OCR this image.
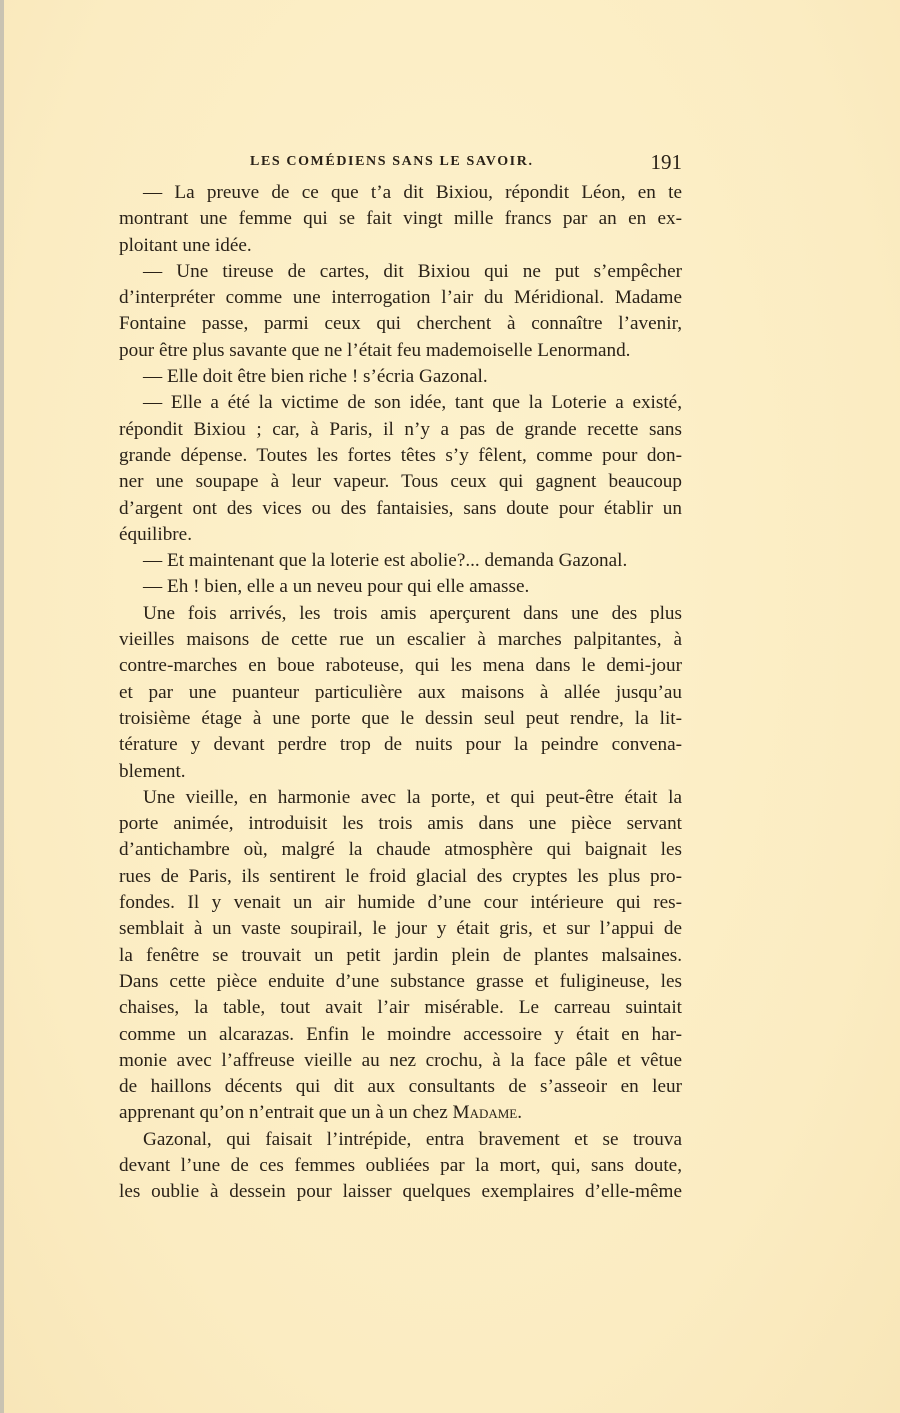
LES COMÉDIENS SANS LE SAVOIR.	191
— La preuve de ce que t’a dit Bixiou, répondit Léon, en te
montrant une femme qui se fait vingt mille francs par an en ex-
ploitant une idée.
— Une tireuse de cartes, dit Bixiou qui ne put s’empêcher
d’interpréter comme une interrogation l’air du Méridional. Madame
Fontaine passe, parmi ceux qui cherchent à connaître l’avenir,
pour être plus savante que ne l’était feu mademoiselle Lenormand.
— Elle doit être bien riche ! s’écria Gazonal.
— Elle a été la victime de son idée, tant que la Loterie a existé,
répondit Bixiou ; car, à Paris, il n’y a pas de grande recette sans
grande dépense. Toutes les fortes têtes s’y fêlent, comme pour don-
ner une soupape à leur vapeur. Tous ceux qui gagnent beaucoup
d’argent ont des vices ou des fantaisies, sans doute pour établir un
équilibre.
— Et maintenant que la loterie est abolie?... demanda Gazonal.
— Eh ! bien, elle a un neveu pour qui elle amasse.
Une fois arrivés, les trois amis aperçurent dans une des plus
vieilles maisons de cette rue un escalier à marches palpitantes, à
contre-marches en boue raboteuse, qui les mena dans le demi-jour
et par une puanteur particulière aux maisons à allée jusqu’au
troisième étage à une porte que le dessin seul peut rendre, la lit-
térature y devant perdre trop de nuits pour la peindre convena-
blement.
Une vieille, en harmonie avec la porte, et qui peut-être était la
porte animée, introduisit les trois amis dans une pièce servant
d’antichambre où, malgré la chaude atmosphère qui baignait les
rues de Paris, ils sentirent le froid glacial des cryptes les plus pro-
fondes. Il y venait un air humide d’une cour intérieure qui res-
semblait à un vaste soupirail, le jour y était gris, et sur l’appui de
la fenêtre se trouvait un petit jardin plein de plantes malsaines.
Dans cette pièce enduite d’une substance grasse et fuligineuse, les
chaises, la table, tout avait l’air misérable. Le carreau suintait
comme un alcarazas. Enfin le moindre accessoire y était en har-
monie avec l’affreuse vieille au nez crochu, à la face pâle et vêtue
de haillons décents qui dit aux consultants de s’asseoir en leur
apprenant qu’on n’entrait que un à un chez Madame.
Gazonal, qui faisait l’intrépide, entra bravement et se trouva
devant l’une de ces femmes oubliées par la mort, qui, sans doute,
les oublie à dessein pour laisser quelques exemplaires d’elle-même
